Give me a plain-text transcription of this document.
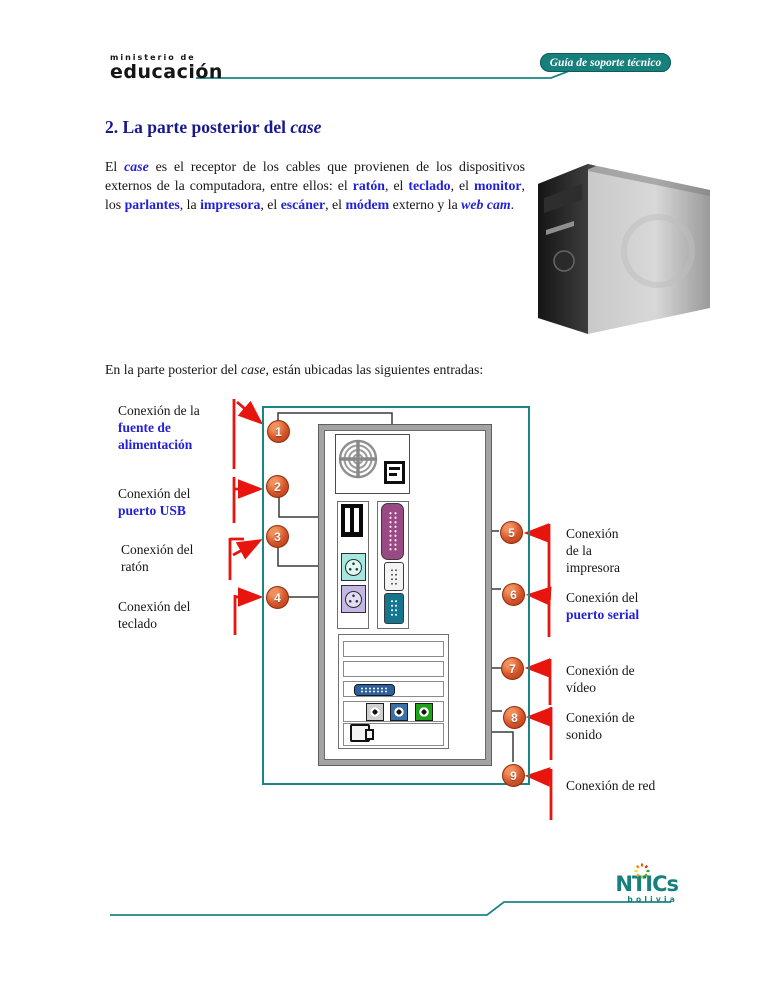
ministerio de
educación	Guía de soporte técnico
2. La parte posterior del case

El case es el receptor de los cables que provienen de los dispositivos externos de la computadora, entre ellos: el ratón, el teclado, el monitor, los parlantes, la impresora, el escáner, el módem externo y la web cam.

En la parte posterior del case, están ubicadas las siguientes entradas:

Conexión de la
fuente de
alimentación
Conexión del
puerto USB
Conexión del
ratón
Conexión del
teclado
Conexión
de la
impresora
Conexión del
puerto serial
Conexión de
vídeo
Conexión de
sonido
Conexión de red
1
2
3
4
5
6
7
8
9
NTICs
bolivia
